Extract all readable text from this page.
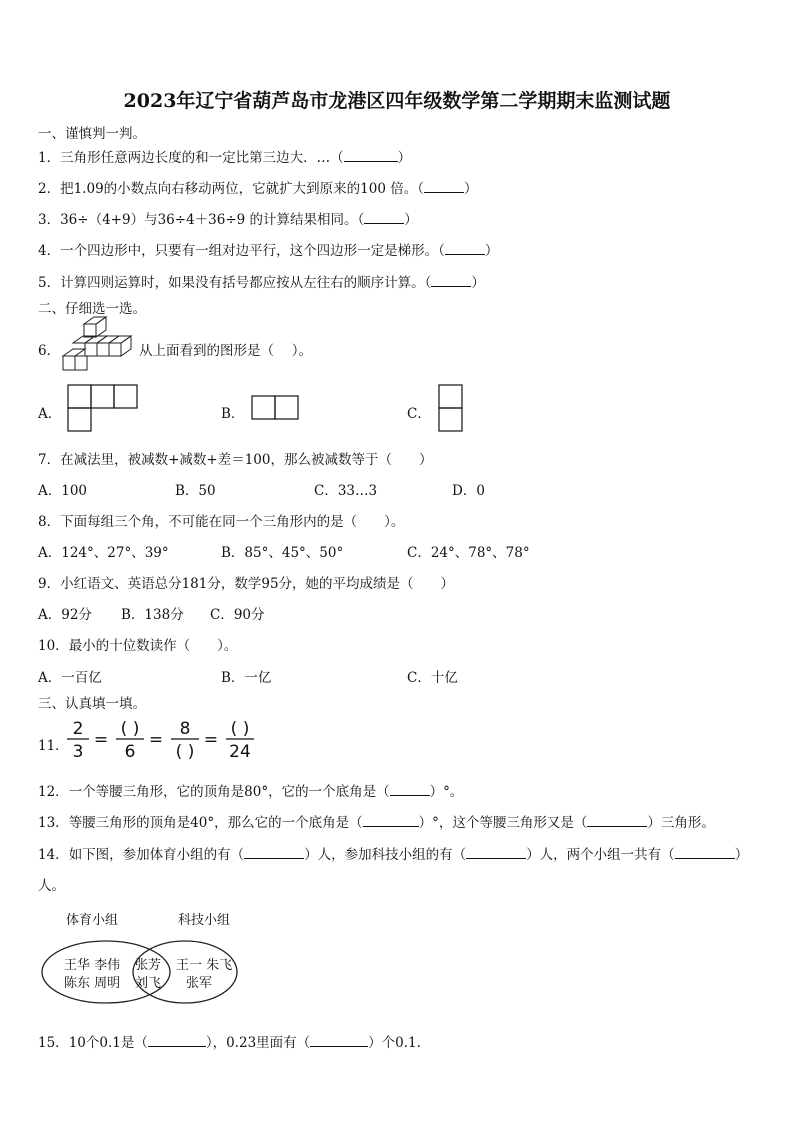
2023年辽宁省葫芦岛市龙港区四年级数学第二学期期末监测试题
一、谨慎判一判。
1．三角形任意两边长度的和一定比第三边大．…（	）
2．把1.09的小数点向右移动两位，它就扩大到原来的100 倍。（	）
3．36÷（4+9）与36÷4＋36÷9 的计算结果相同。（	）
4．一个四边形中，只要有一组对边平行，这个四边形一定是梯形。（	）
5．计算四则运算时，如果没有括号都应按从左往右的顺序计算。（	）
二、仔细选一选。
6．	从上面看到的图形是（　 ）。
A．	B．	C．
7．在减法里，被减数+减数+差＝100，那么被减数等于（　　）
A．100	B．50	C．33…3	D．0
8．下面每组三个角，不可能在同一个三角形内的是（　　）。
A．124°、27°、39°	B．85°、45°、50°	C．24°、78°、78°
9．小红语文、英语总分181分，数学95分，她的平均成绩是（　　）
A．92分 B．138分 C．90分
10．最小的十位数读作（　　）。
A．一百亿	B．一亿	C．十亿
三、认真填一填。
11．
2
3
=
( )
6
=
8
( )
=
( )
24
12．一个等腰三角形，它的顶角是80°，它的一个底角是（	）°。
13．等腰三角形的顶角是40°，那么它的一个底角是（	）°，这个等腰三角形又是（	）三角形。
14．如下图，参加体育小组的有（	）人，参加科技小组的有（	）人，两个小组一共有（	）
人。
体育小组	科技小组
王华 李伟
陈东 周明
张芳
刘飞
王一 朱飞
张军
15．10个0.1是（	），0.23里面有（	）个0.1.
